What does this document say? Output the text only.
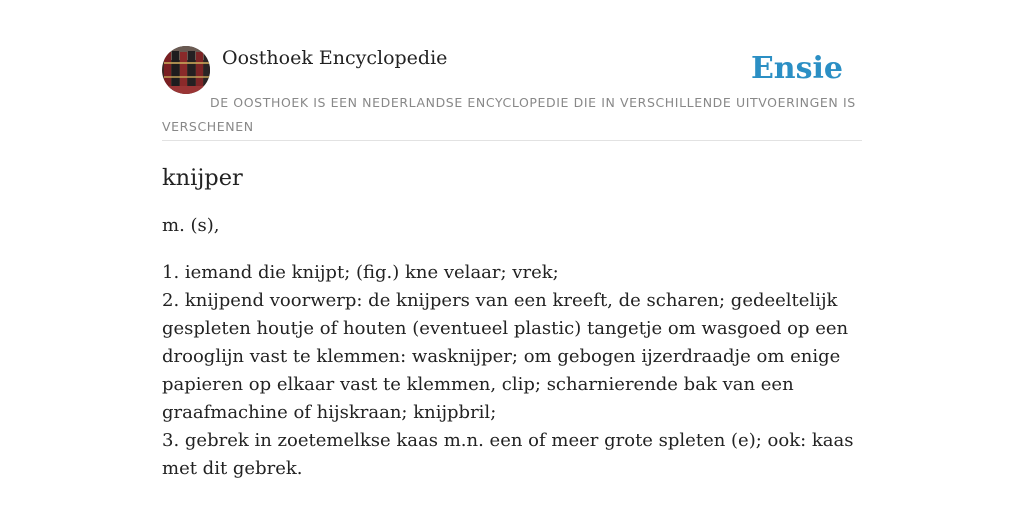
Oosthoek Encyclopedie	Ensie
DE OOSTHOEK IS EEN NEDERLANDSE ENCYCLOPEDIE DIE IN VERSCHILLENDE UITVOERINGEN IS VERSCHENEN
knijper

m. (s),

1. iemand die knijpt; (fig.) kne velaar; vrek;
2. knijpend voorwerp: de knijpers van een kreeft, de scharen; gedeeltelijk gespleten houtje of houten (eventueel plastic) tangetje om wasgoed op een drooglijn vast te klemmen: wasknijper; om gebogen ijzerdraadje om enige papieren op elkaar vast te klemmen, clip; scharnierende bak van een graafmachine of hijskraan; knijpbril;
3. gebrek in zoetemelkse kaas m.n. een of meer grote spleten (e); ook: kaas met dit gebrek.
